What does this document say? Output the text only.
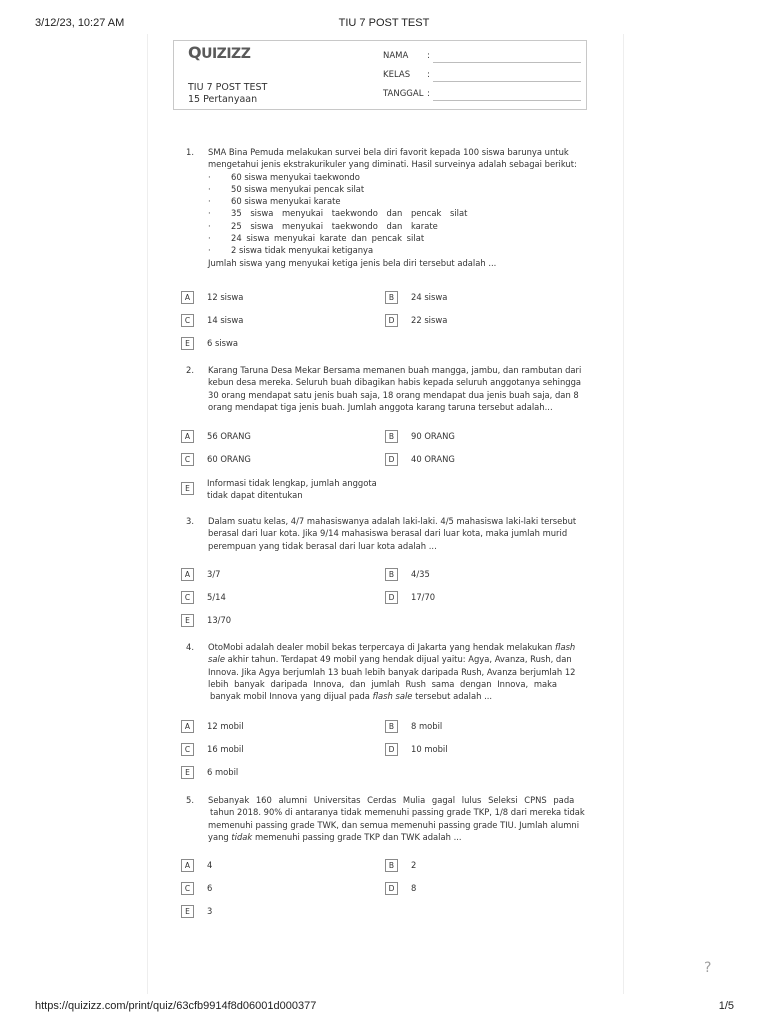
3/12/23, 10:27 AM	TIU 7 POST TEST
QUIZIZZ
TIU 7 POST TEST
15 Pertanyaan
NAMA :
KELAS :
TANGGAL :
1. SMA Bina Pemuda melakukan survei bela diri favorit kepada 100 siswa barunya untuk

mengetahui jenis ekstrakurikuler yang diminati. Hasil surveinya adalah sebagai berikut:

· 60 siswa menyukai taekwondo

· 50 siswa menyukai pencak silat

· 60 siswa menyukai karate

· 35 siswa menyukai taekwondo dan pencak silat

· 25 siswa menyukai taekwondo dan karate

· 24 siswa menyukai karate dan pencak silat

· 2 siswa tidak menyukai ketiganya

Jumlah siswa yang menyukai ketiga jenis bela diri tersebut adalah ...

A	12 siswa	B	24 siswa
C	14 siswa	D	22 siswa
E	6 siswa
2. Karang Taruna Desa Mekar Bersama memanen buah mangga, jambu, dan rambutan dari

kebun desa mereka. Seluruh buah dibagikan habis kepada seluruh anggotanya sehingga

30 orang mendapat satu jenis buah saja, 18 orang mendapat dua jenis buah saja, dan 8

orang mendapat tiga jenis buah. Jumlah anggota karang taruna tersebut adalah...

A	56 ORANG	B	90 ORANG
C	60 ORANG	D	40 ORANG
E
Informasi tidak lengkap, jumlah anggota tidak dapat ditentukan
3. Dalam suatu kelas, 4/7 mahasiswanya adalah laki-laki. 4/5 mahasiswa laki-laki tersebut

berasal dari luar kota. Jika 9/14 mahasiswa berasal dari luar kota, maka jumlah murid

perempuan yang tidak berasal dari luar kota adalah ...

A	3/7	B	4/35
C	5/14	D	17/70
E	13/70
4. OtoMobi adalah dealer mobil bekas terpercaya di Jakarta yang hendak melakukan flash

sale akhir tahun. Terdapat 49 mobil yang hendak dijual yaitu: Agya, Avanza, Rush, dan

Innova. Jika Agya berjumlah 13 buah lebih banyak daripada Rush, Avanza berjumlah 12

lebih banyak daripada Innova, dan jumlah Rush sama dengan Innova, maka

banyak mobil Innova yang dijual pada flash sale tersebut adalah ...

A	12 mobil	B	8 mobil
C	16 mobil	D	10 mobil
E	6 mobil
5. Sebanyak 160 alumni Universitas Cerdas Mulia gagal lulus Seleksi CPNS pada

tahun 2018. 90% di antaranya tidak memenuhi passing grade TKP, 1/8 dari mereka tidak

memenuhi passing grade TWK, dan semua memenuhi passing grade TIU. Jumlah alumni

yang tidak memenuhi passing grade TKP dan TWK adalah ...

A	4	B	2
C	6	D	8
E	3
?
https://quizizz.com/print/quiz/63cfb9914f8d06001d000377	1/5
